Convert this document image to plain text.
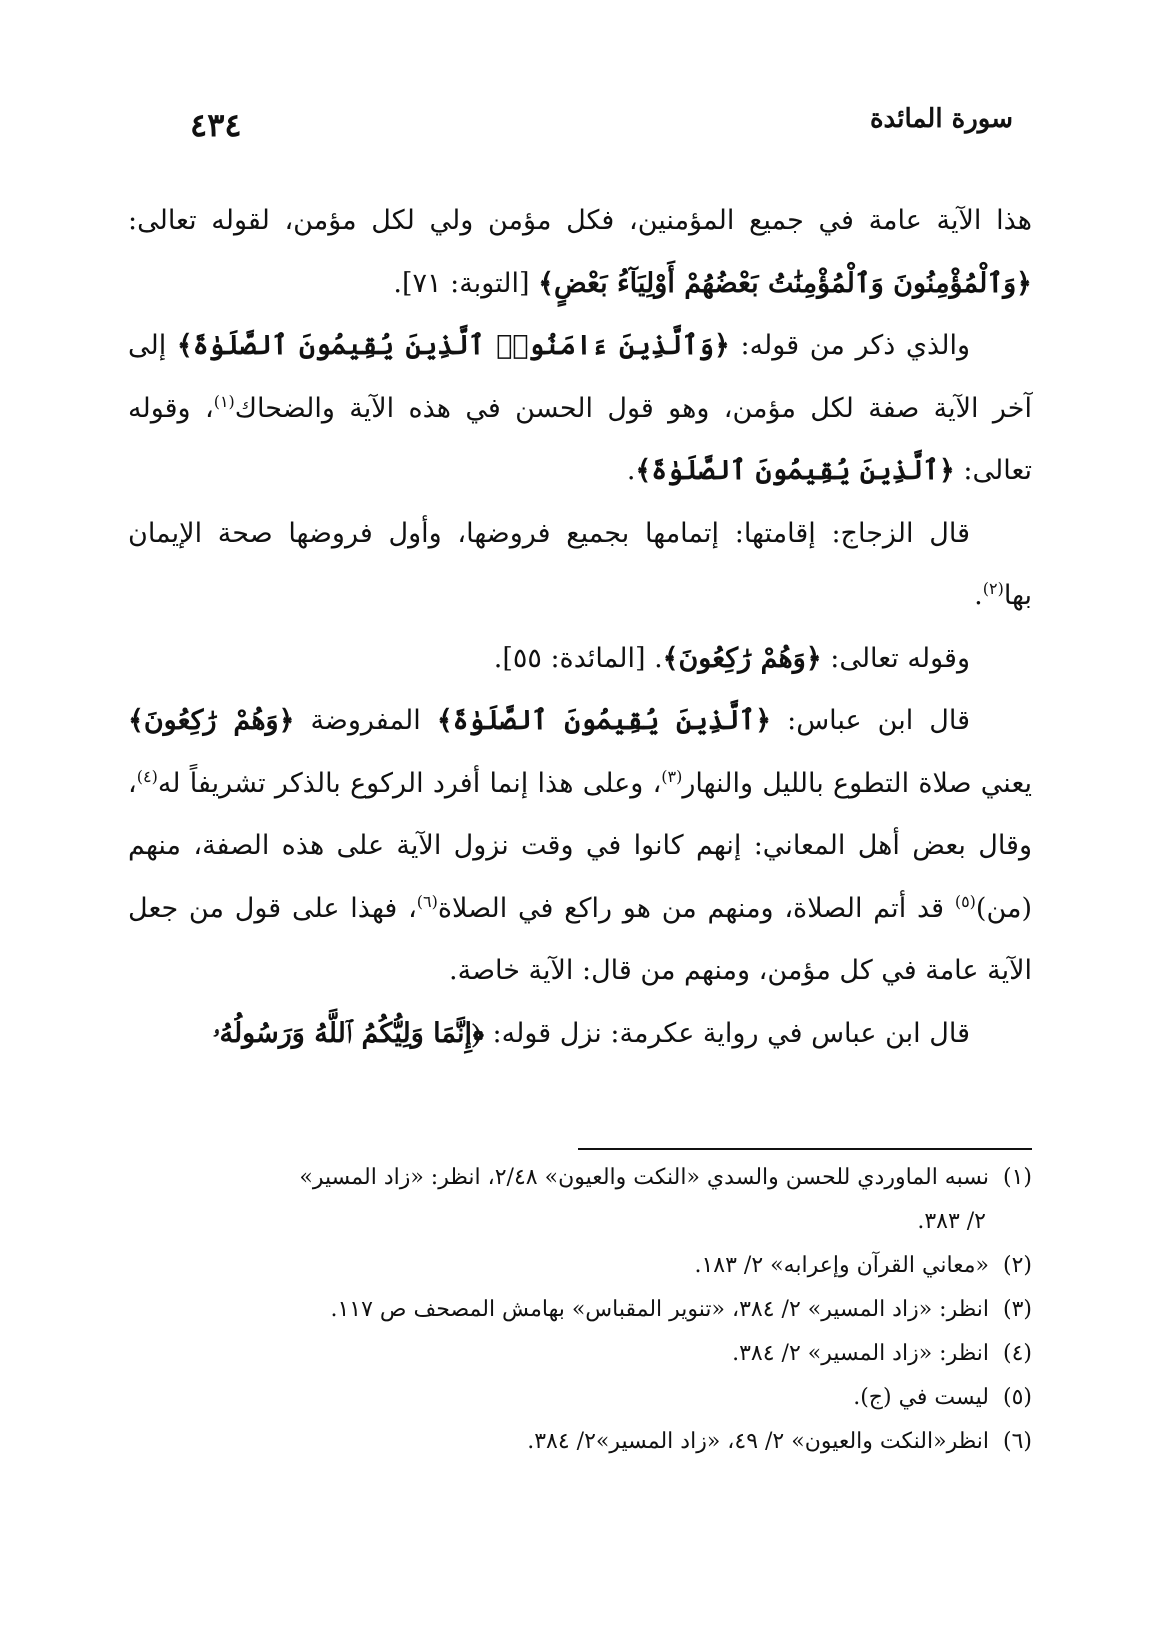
٤٣٤	سورة المائدة

هذا الآية عامة في جميع المؤمنين، فكل مؤمن ولي لكل مؤمن، لقوله تعالى: ﴿وَٱلْمُؤْمِنُونَ وَٱلْمُؤْمِنَٰتُ بَعْضُهُمْ أَوْلِيَآءُ بَعْضٍ﴾ [التوبة: ٧١].

والذي ذكر من قوله: ﴿وَٱلَّذِينَ ءَامَنُوا۟ ٱلَّذِينَ يُقِيمُونَ ٱلصَّلَوٰةَ﴾ إلى آخر الآية صفة لكل مؤمن، وهو قول الحسن في هذه الآية والضحاك$^{(١)}$، وقوله تعالى: ﴿ٱلَّذِينَ يُقِيمُونَ ٱلصَّلَوٰةَ﴾.

قال الزجاج: إقامتها: إتمامها بجميع فروضها، وأول فروضها صحة الإيمان بها$^{(٢)}$.

وقوله تعالى: ﴿وَهُمْ رَٰكِعُونَ﴾. [المائدة: ٥٥].

قال ابن عباس: ﴿ٱلَّذِينَ يُقِيمُونَ ٱلصَّلَوٰةَ﴾ المفروضة ﴿وَهُمْ رَٰكِعُونَ﴾ يعني صلاة التطوع بالليل والنهار$^{(٣)}$، وعلى هذا إنما أفرد الركوع بالذكر تشريفاً له$^{(٤)}$، وقال بعض أهل المعاني: إنهم كانوا في وقت نزول الآية على هذه الصفة، منهم (من)$^{(٥)}$ قد أتم الصلاة، ومنهم من هو راكع في الصلاة$^{(٦)}$، فهذا على قول من جعل الآية عامة في كل مؤمن، ومنهم من قال: الآية خاصة.

قال ابن عباس في رواية عكرمة: نزل قوله: ﴿إِنَّمَا وَلِيُّكُمُ ٱللَّهُ وَرَسُولُهُۥ

(١) نسبه الماوردي للحسن والسدي «النكت والعيون» ٢/٤٨، انظر: «زاد المسير»

٢/ ٣٨٣.

(٢) «معاني القرآن وإعرابه» ٢/ ١٨٣.

(٣) انظر: «زاد المسير» ٢/ ٣٨٤، «تنوير المقباس» بهامش المصحف ص ١١٧.

(٤) انظر: «زاد المسير» ٢/ ٣٨٤.

(٥) ليست في (ج).

(٦) انظر«النكت والعيون» ٢/ ٤٩، «زاد المسير»٢/ ٣٨٤.
